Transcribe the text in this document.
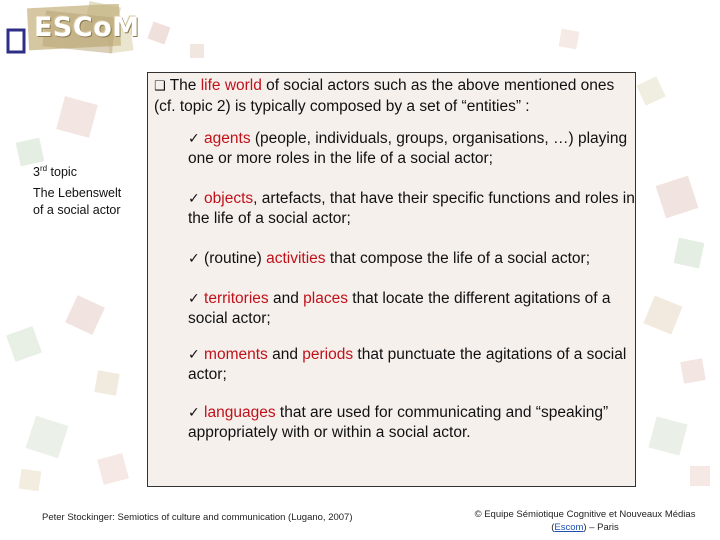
ESCoM
3rd topic
The Lebenswelt of a social actor
❑ The life world of social actors such as the above mentioned ones (cf. topic 2) is typically composed by a set of “entities” :
✓ agents (people, individuals, groups, organisations, …) playing one or more roles in the life of a social actor;
✓ objects, artefacts, that have their specific functions and roles in the life of a social actor;
✓ (routine) activities that compose the life of a social actor;
✓ territories and places that locate the different agitations of a social actor;
✓ moments and periods that punctuate the agitations of a social actor;
✓ languages that are used for communicating and “speaking” appropriately with or within a social actor.
Peter Stockinger: Semiotics of culture and communication (Lugano, 2007)	© Equipe Sémiotique Cognitive et Nouveaux Médias
(Escom) – Paris
